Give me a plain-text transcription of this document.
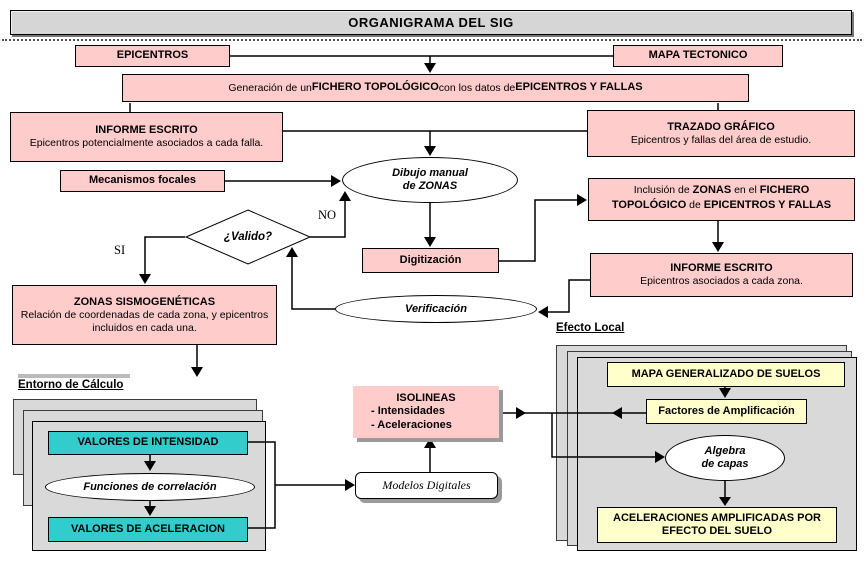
ORGANIGRAMA DEL SIG
EPICENTROS	MAPA TECTONICO
Generación de un FICHERO TOPOLÓGICO con los datos de EPICENTROS Y FALLAS
INFORME ESCRITO
Epicentros potencialmente asociados a cada falla.
TRAZADO GRÁFICO
Epicentros y fallas del área de estudio.
Mecanismos focales
Dibujo manual
de ZONAS
¿Valido?
NO
SI
Digitización
Inclusión de ZONAS en el FICHERO TOPOLÓGICO de EPICENTROS Y FALLAS
INFORME ESCRITO
Epicentros asociados a cada zona.
Verificación
ZONAS SISMOGENÉTICAS
Relación de coordenadas de cada zona, y epicentros incluidos en cada una.
Entorno de Cálculo
VALORES DE INTENSIDAD
Funciones de correlación
VALORES DE ACELERACION
ISOLINEAS
- Intensidades
- Aceleraciones
Modelos Digitales
Efecto Local
MAPA GENERALIZADO DE SUELOS
Factores de Amplificación
Algebra
de capas
ACELERACIONES AMPLIFICADAS POR EFECTO DEL SUELO
